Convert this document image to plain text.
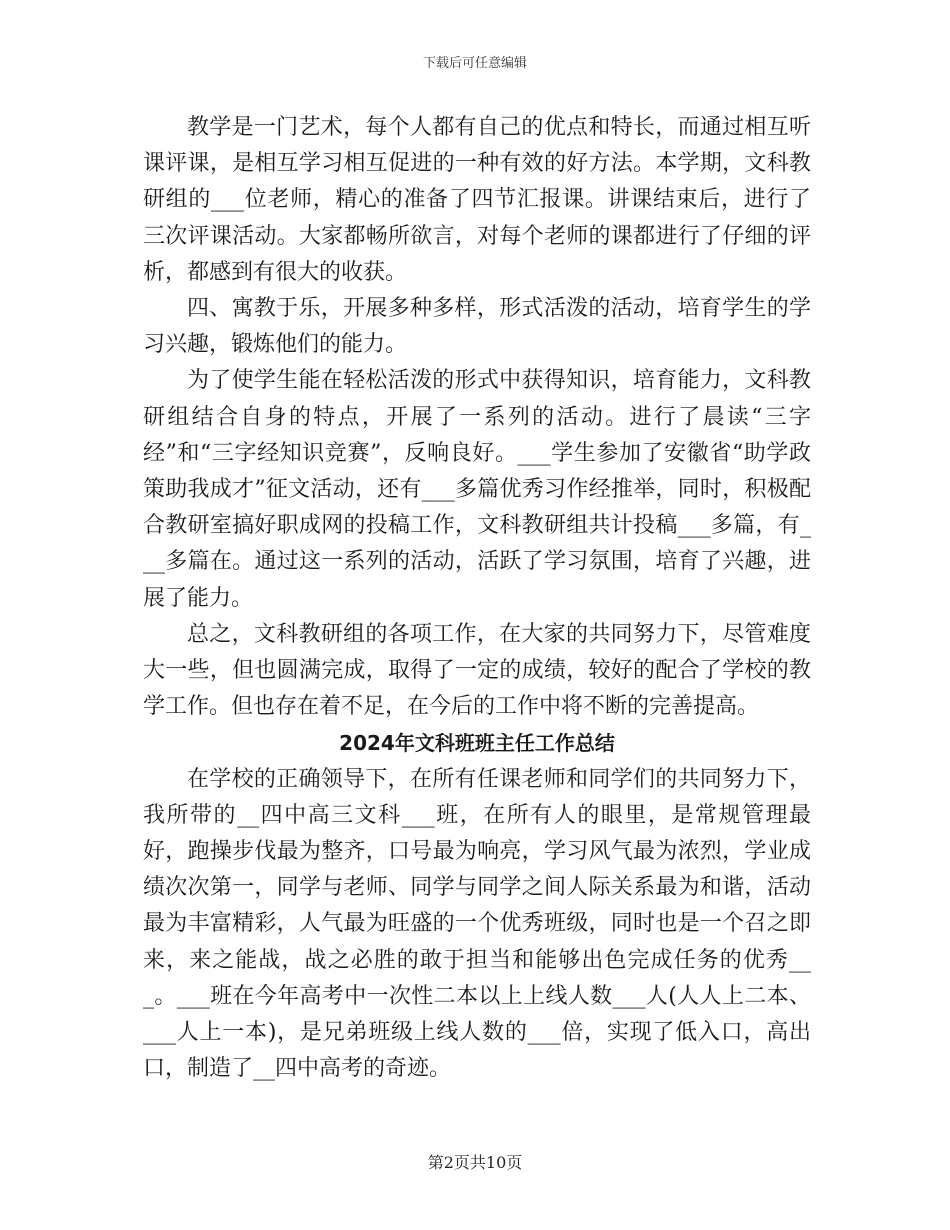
下载后可任意编辑

教学是一门艺术，每个人都有自己的优点和特长，而通过相互听课评课，是相互学习相互促进的一种有效的好方法。本学期，文科教研组的___位老师，精心的准备了四节汇报课。讲课结束后，进行了三次评课活动。大家都畅所欲言，对每个老师的课都进行了仔细的评析，都感到有很大的收获。

四、寓教于乐，开展多种多样，形式活泼的活动，培育学生的学习兴趣，锻炼他们的能力。

为了使学生能在轻松活泼的形式中获得知识，培育能力，文科教研组结合自身的特点，开展了一系列的活动。进行了晨读“三字经”和“三字经知识竞赛”，反响良好。___学生参加了安徽省“助学政策助我成才”征文活动，还有___多篇优秀习作经推举，同时，积极配合教研室搞好职成网的投稿工作，文科教研组共计投稿___多篇，有___多篇在。通过这一系列的活动，活跃了学习氛围，培育了兴趣，进展了能力。

总之，文科教研组的各项工作，在大家的共同努力下，尽管难度大一些，但也圆满完成，取得了一定的成绩，较好的配合了学校的教学工作。但也存在着不足，在今后的工作中将不断的完善提高。

2024年文科班班主任工作总结

在学校的正确领导下，在所有任课老师和同学们的共同努力下，我所带的__四中高三文科___班，在所有人的眼里，是常规管理最好，跑操步伐最为整齐，口号最为响亮，学习风气最为浓烈，学业成绩次次第一，同学与老师、同学与同学之间人际关系最为和谐，活动最为丰富精彩，人气最为旺盛的一个优秀班级，同时也是一个召之即来，来之能战，战之必胜的敢于担当和能够出色完成任务的优秀___。___班在今年高考中一次性二本以上上线人数___人(人人上二本、___人上一本)，是兄弟班级上线人数的___倍，实现了低入口，高出口，制造了__四中高考的奇迹。

第2页共10页
